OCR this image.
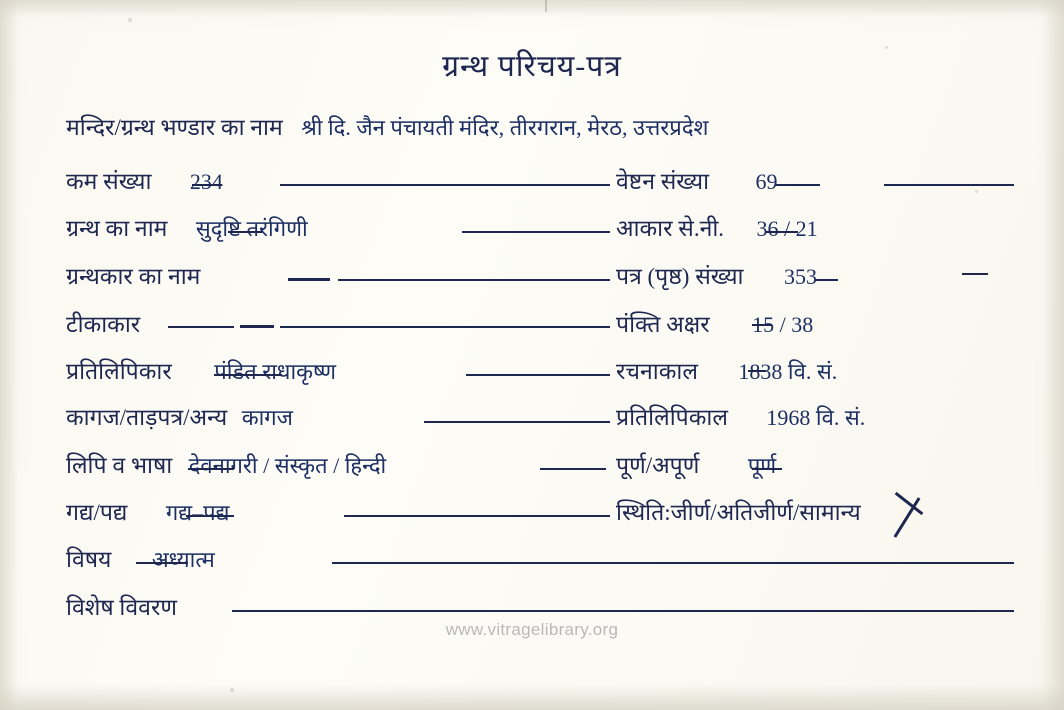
ग्रन्थ परिचय-पत्र
मन्दिर/ग्रन्थ भण्डार का नाम श्री दि. जैन पंचायती मंदिर, तीरगरान, मेरठ, उत्तरप्रदेश
कम संख्या 234
ग्रन्थ का नाम सुदृष्टि तरंगिणी
ग्रन्थकार का नाम
टीकाकार
प्रतिलिपिकार पंडित राधाकृष्ण
कागज/ताड़पत्र/अन्य कागज
लिपि व भाषा देवनागरी / संस्कृत / हिन्दी
गद्य/पद्य गद्य–पद्य
विषय अध्यात्म
विशेष विवरण
वेष्टन संख्या 69
आकार से.नी. 36 / 21
पत्र (पृष्ठ) संख्या 353
पंक्ति अक्षर 15 / 38
रचनाकाल 1838 वि. सं.
प्रतिलिपिकाल 1968 वि. सं.
पूर्ण/अपूर्ण पूर्ण
स्थिति:जीर्ण/अतिजीर्ण/सामान्य
www.vitragelibrary.org
